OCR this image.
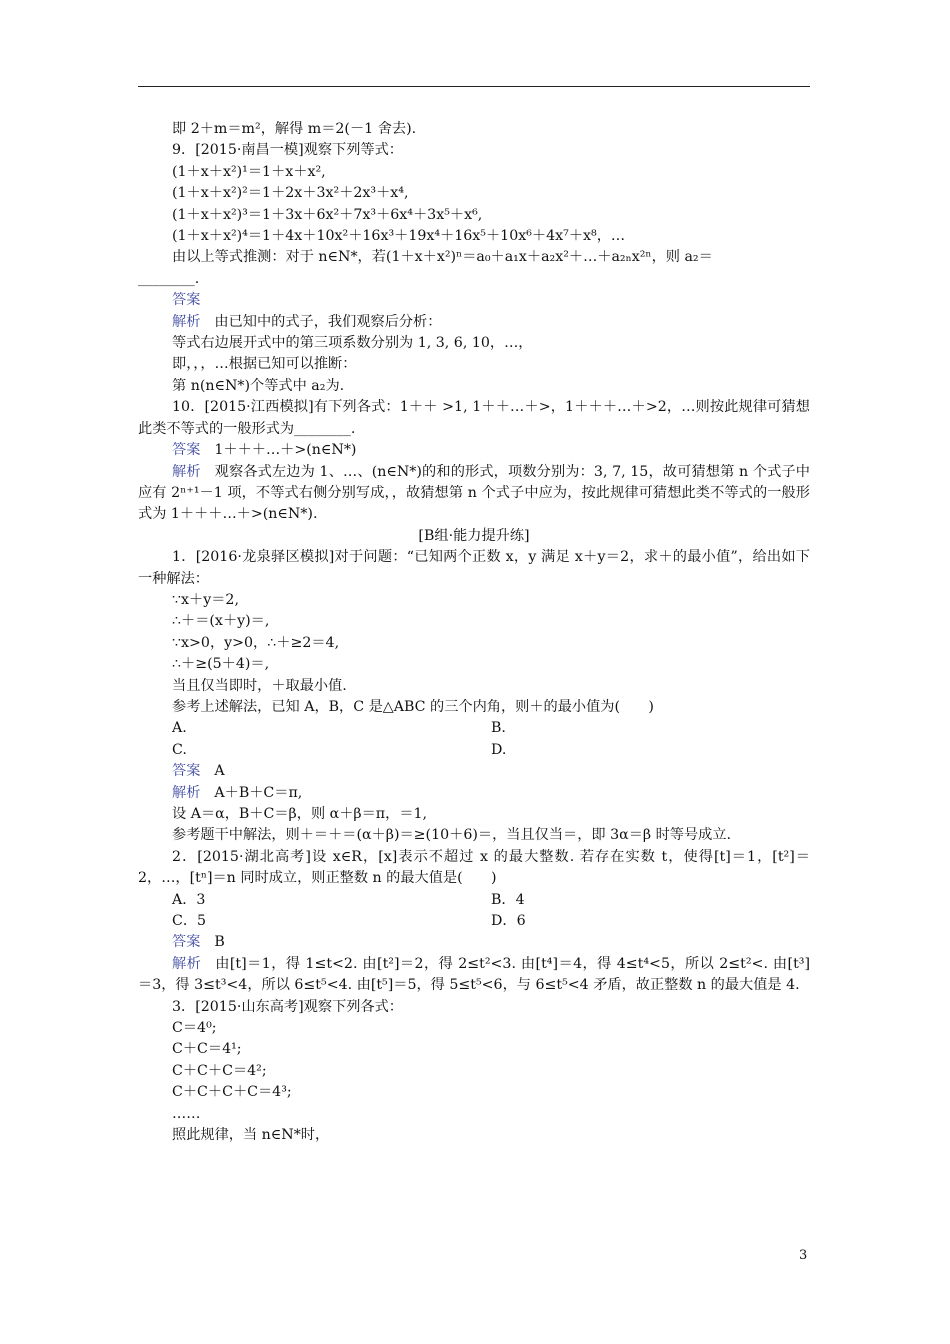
即 2＋m＝m²，解得 m＝2(－1 舍去).
9．[2015·南昌一模]观察下列等式：
(1＋x＋x²)¹＝1＋x＋x²,
(1＋x＋x²)²＝1＋2x＋3x²＋2x³＋x⁴,
(1＋x＋x²)³＝1＋3x＋6x²＋7x³＋6x⁴＋3x⁵＋x⁶,
(1＋x＋x²)⁴＝1＋4x＋10x²＋16x³＋19x⁴＋16x⁵＋10x⁶＋4x⁷＋x⁸，…
由以上等式推测：对于 n∈N*，若(1＋x＋x²)ⁿ＝a₀＋a₁x＋a₂x²＋…＋a₂ₙx²ⁿ，则 a₂＝
________.
答案
解析 由已知中的式子，我们观察后分析：
等式右边展开式中的第三项系数分别为 1, 3, 6, 10，…，
即，，，…根据已知可以推断：
第 n(n∈N*)个等式中 a₂为.
10．[2015·江西模拟]有下列各式：1＋＋ >1, 1＋＋…＋>，1＋＋＋…＋>2，…则按此规律可猜想此类不等式的一般形式为________.
答案 1＋＋＋…＋>(n∈N*)
解析 观察各式左边为 1、…、(n∈N*)的和的形式，项数分别为：3, 7, 15，故可猜想第 n 个式子中应有 2ⁿ⁺¹－1 项，不等式右侧分别写成，，故猜想第 n 个式子中应为，按此规律可猜想此类不等式的一般形式为 1＋＋＋…＋>(n∈N*).
[B组·能力提升练]
1．[2016·龙泉驿区模拟]对于问题：“已知两个正数 x，y 满足 x＋y＝2，求＋的最小值”，给出如下一种解法：
∵x＋y＝2,
∴＋＝(x＋y)＝,
∵x>0，y>0，∴＋≥2＝4,
∴＋≥(5＋4)＝,
当且仅当即时，＋取最小值.
参考上述解法，已知 A，B，C 是△ABC 的三个内角，则＋的最小值为(　　)
A.	B.
C.	D.
答案 A
解析 A＋B＋C＝π,
设 A＝α，B＋C＝β，则 α＋β＝π，＝1,
参考题干中解法，则＋＝＋＝(α＋β)＝≥(10＋6)＝，当且仅当＝，即 3α＝β 时等号成立.
2．[2015·湖北高考]设 x∈R，[x]表示不超过 x 的最大整数. 若存在实数 t，使得[t]＝1，[t²]＝2，…，[tⁿ]＝n 同时成立，则正整数 n 的最大值是(　　)
A．3	B．4
C．5	D．6
答案 B
解析 由[t]＝1，得 1≤t<2. 由[t²]＝2，得 2≤t²<3. 由[t⁴]＝4，得 4≤t⁴<5，所以 2≤t²<. 由[t³]＝3，得 3≤t³<4，所以 6≤t⁵<4. 由[t⁵]＝5，得 5≤t⁵<6，与 6≤t⁵<4 矛盾，故正整数 n 的最大值是 4.
3．[2015·山东高考]观察下列各式：
C＝4⁰;
C＋C＝4¹;
C＋C＋C＝4²;
C＋C＋C＋C＝4³;
……
照此规律，当 n∈N*时，
3
